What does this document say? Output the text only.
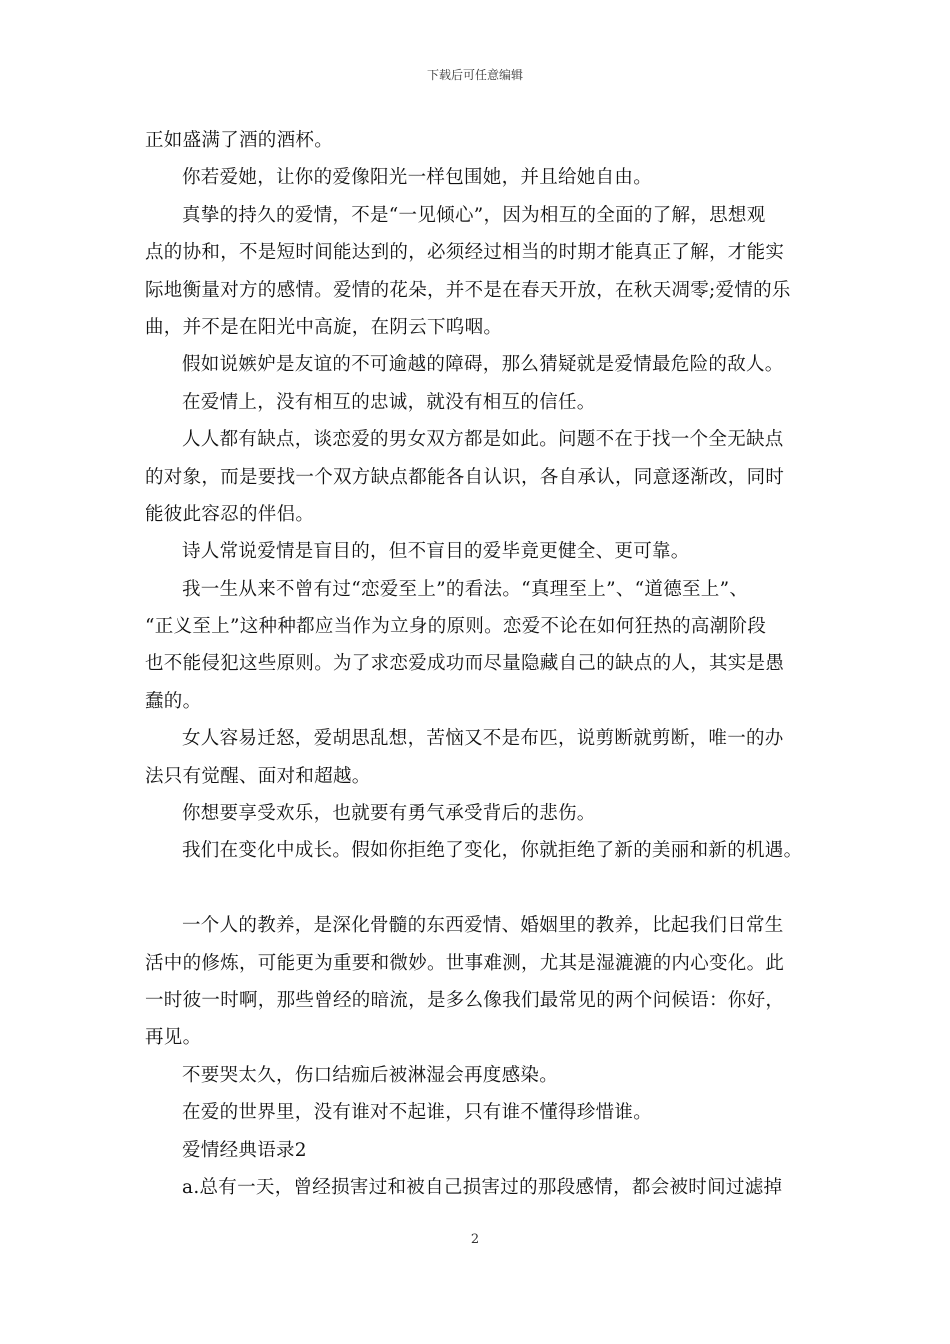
下载后可任意编辑
正如盛满了酒的酒杯。
你若爱她，让你的爱像阳光一样包围她，并且给她自由。
真挚的持久的爱情，不是“一见倾心”，因为相互的全面的了解，思想观
点的协和，不是短时间能达到的，必须经过相当的时期才能真正了解，才能实
际地衡量对方的感情。爱情的花朵，并不是在春天开放，在秋天凋零;爱情的乐
曲，并不是在阳光中高旋，在阴云下呜咽。
假如说嫉妒是友谊的不可逾越的障碍，那么猜疑就是爱情最危险的敌人。
在爱情上，没有相互的忠诚，就没有相互的信任。
人人都有缺点，谈恋爱的男女双方都是如此。问题不在于找一个全无缺点
的对象，而是要找一个双方缺点都能各自认识，各自承认，同意逐渐改，同时
能彼此容忍的伴侣。
诗人常说爱情是盲目的，但不盲目的爱毕竟更健全、更可靠。
我一生从来不曾有过“恋爱至上”的看法。“真理至上”、“道德至上”、
“正义至上”这种种都应当作为立身的原则。恋爱不论在如何狂热的高潮阶段
也不能侵犯这些原则。为了求恋爱成功而尽量隐藏自己的缺点的人，其实是愚
蠢的。
女人容易迁怒，爱胡思乱想，苦恼又不是布匹，说剪断就剪断，唯一的办
法只有觉醒、面对和超越。
你想要享受欢乐，也就要有勇气承受背后的悲伤。
我们在变化中成长。假如你拒绝了变化，你就拒绝了新的美丽和新的机遇。
一个人的教养，是深化骨髓的东西爱情、婚姻里的教养，比起我们日常生
活中的修炼，可能更为重要和微妙。世事难测，尤其是湿漉漉的内心变化。此
一时彼一时啊，那些曾经的暗流，是多么像我们最常见的两个问候语：你好，
再见。
不要哭太久，伤口结痂后被淋湿会再度感染。
在爱的世界里，没有谁对不起谁，只有谁不懂得珍惜谁。
爱情经典语录2
a.总有一天，曾经损害过和被自己损害过的那段感情，都会被时间过滤掉
2
